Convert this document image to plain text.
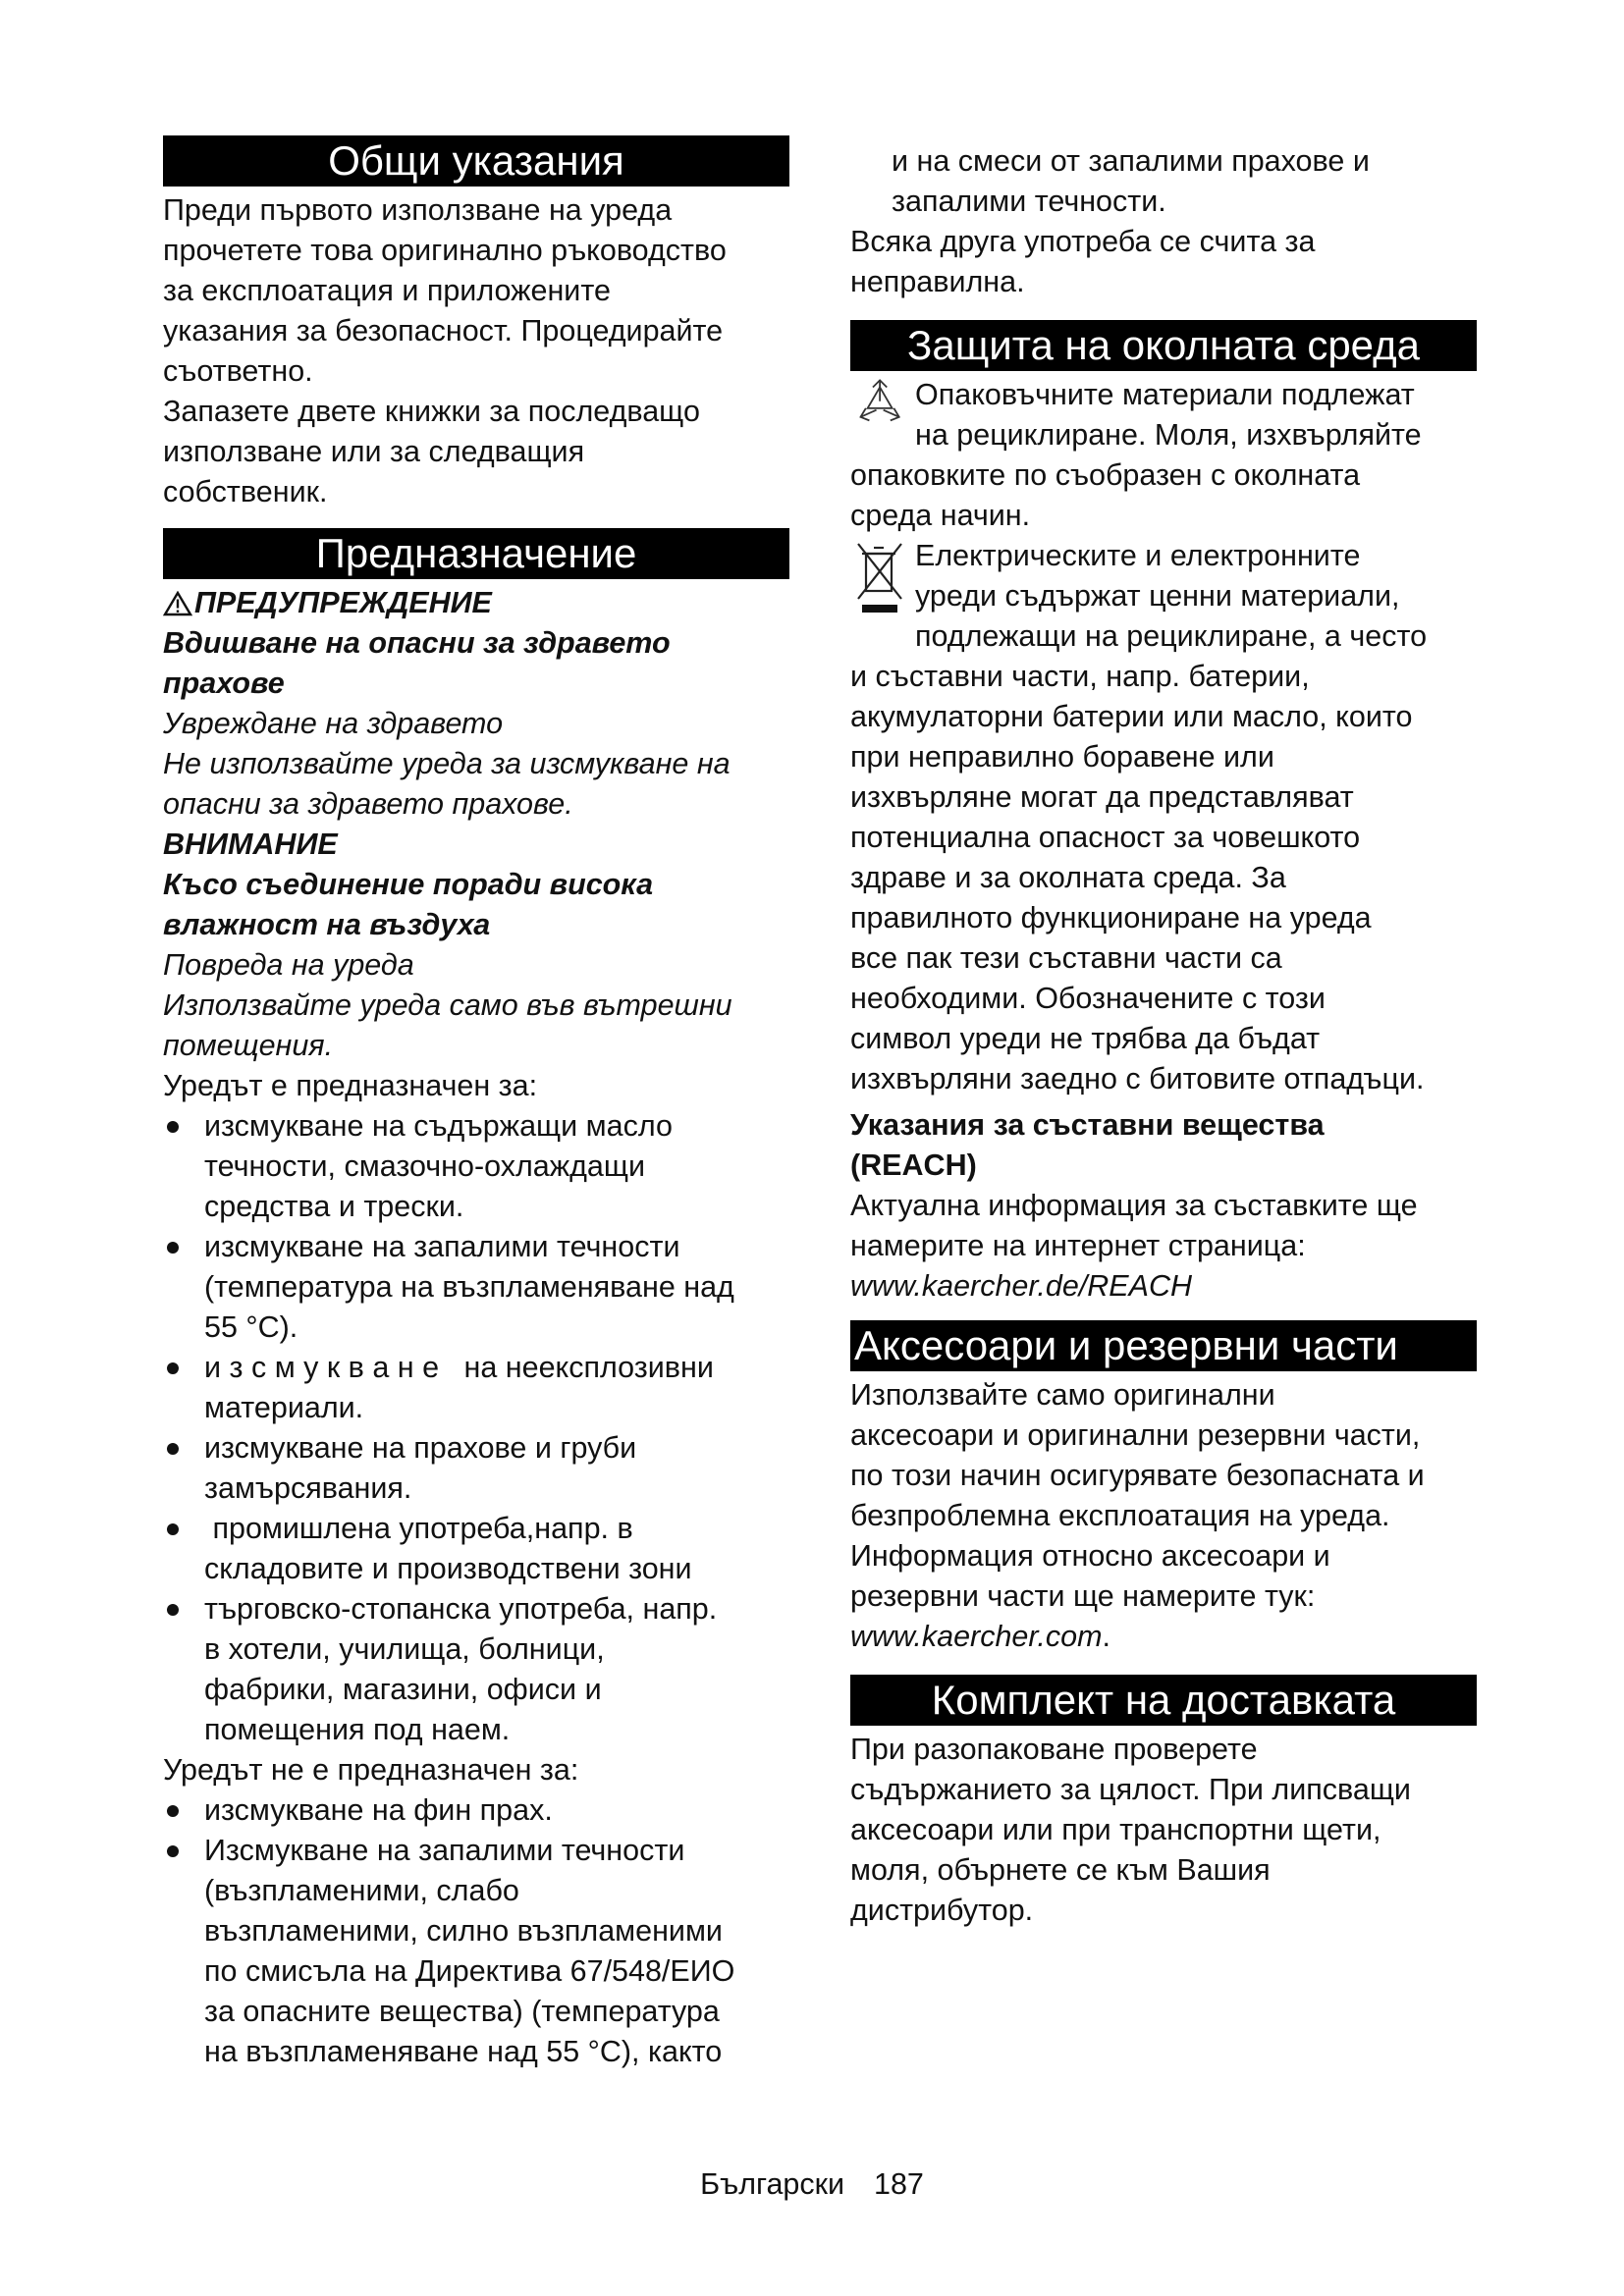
Общи указания

Преди първото използване на уреда

прочетете това оригинално ръководство

за експлоатация и приложените

указания за безопасност. Процедирайте

съответно.

Запазете двете книжки за последващо

използване или за следващия

собственик.

Предназначение
ПРЕДУПРЕЖДЕНИЕ

Вдишване на опасни за здравето

прахове

Увреждане на здравето

Не използвайте уреда за изсмукване на

опасни за здравето прахове.

ВНИМАНИЕ

Късо съединение поради висока

влажност на въздуха

Повреда на уреда

Използвайте уреда само във вътрешни

помещения.

Уредът е предназначен за:

изсмукване на съдържащи масло
течности, смазочно-охлаждащи
средства и трески.
изсмукване на запалими течности
(температура на възпламеняване над
55 °C).
и з с м у к в а н е   на неексплозивни
материали.
изсмукване на прахове и груби
замърсявания.
промишлена употреба,напр. в
складовите и производствени зони
търговско-стопанска употреба, напр.
в хотели, училища, болници,
фабрики, магазини, офиси и
помещения под наем.

Уредът не е предназначен за:

изсмукване на фин прах.
Изсмукване на запалими течности
(възпламеними, слабо
възпламеними, силно възпламеними
по смисъла на Директива 67/548/ЕИО
за опасните вещества) (температура
на възпламеняване над 55 °C), както

и на смеси от запалими прахове и

запалими течности.

Всяка друга употреба се счита за

неправилна.

Защита на околната среда

Опаковъчните материали подлежат

на рециклиране. Моля, изхвърляйте

опаковките по съобразен с околната

среда начин.

Електрическите и електронните

уреди съдържат ценни материали,

подлежащи на рециклиране, а често

и съставни части, напр. батерии,

акумулаторни батерии или масло, които

при неправилно боравене или

изхвърляне могат да представляват

потенциална опасност за човешкото

здраве и за околната среда. За

правилното функциониране на уреда

все пак тези съставни части са

необходими. Обозначените с този

символ уреди не трябва да бъдат

изхвърляни заедно с битовите отпадъци.

Указания за съставни вещества

(REACH)

Актуална информация за съставките ще

намерите на интернет страница:

www.kaercher.de/REACH

Аксесоари и резервни части

Използвайте само оригинални

аксесоари и оригинални резервни части,

по този начин осигурявате безопасната и

безпроблемна експлоатация на уреда.

Информация относно аксесоари и

резервни части ще намерите тук:

www.kaercher.com.

Комплект на доставката

При разопаковане проверете

съдържанието за цялост. При липсващи

аксесоари или при транспортни щети,

моля, обърнете се към Вашия

дистрибутор.

Български 187
